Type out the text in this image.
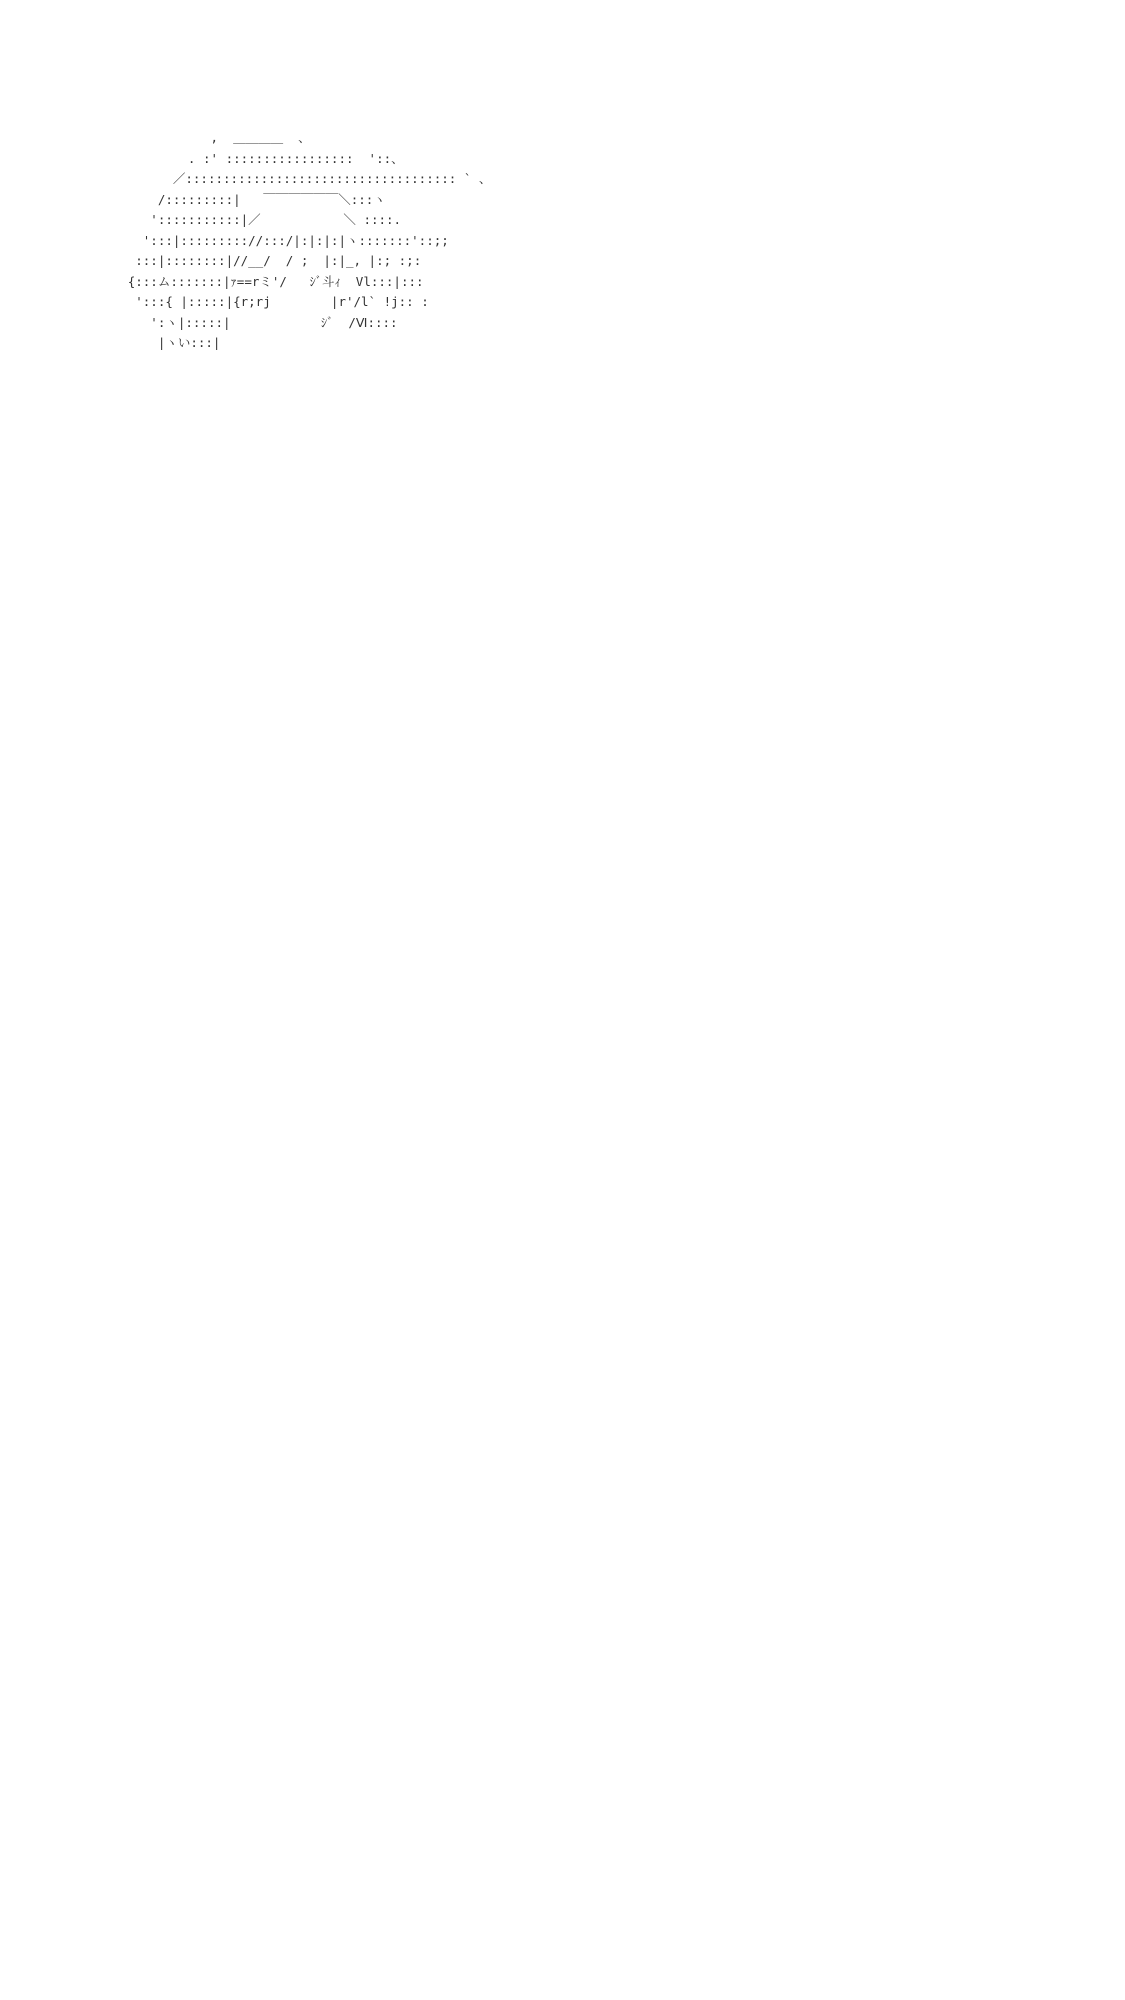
,  ＿＿＿＿  、
. :' :::::::::::::::::  '::、
／:::::::::::::::::::::::::::::::::::: ` 、
/:::::::::|   ￣￣￣￣￣￣＼:::ヽ
':::::::::::|／           ＼ ::::.
':::|::::::::://:::/|:|:|:|ヽ:::::::'::;;
:::|::::::::|//__/  / ;  |:|_, |:; :;:
{:::ム:::::::|ｧ==rミ'/   ｼﾞ斗ｨ  Vl:::|:::
':::{ |:::::|{r;rj        |r'/l` !j:: :
':ヽ|:::::|            ｼﾞ  /Ⅵ::::
|ヽい:::|
